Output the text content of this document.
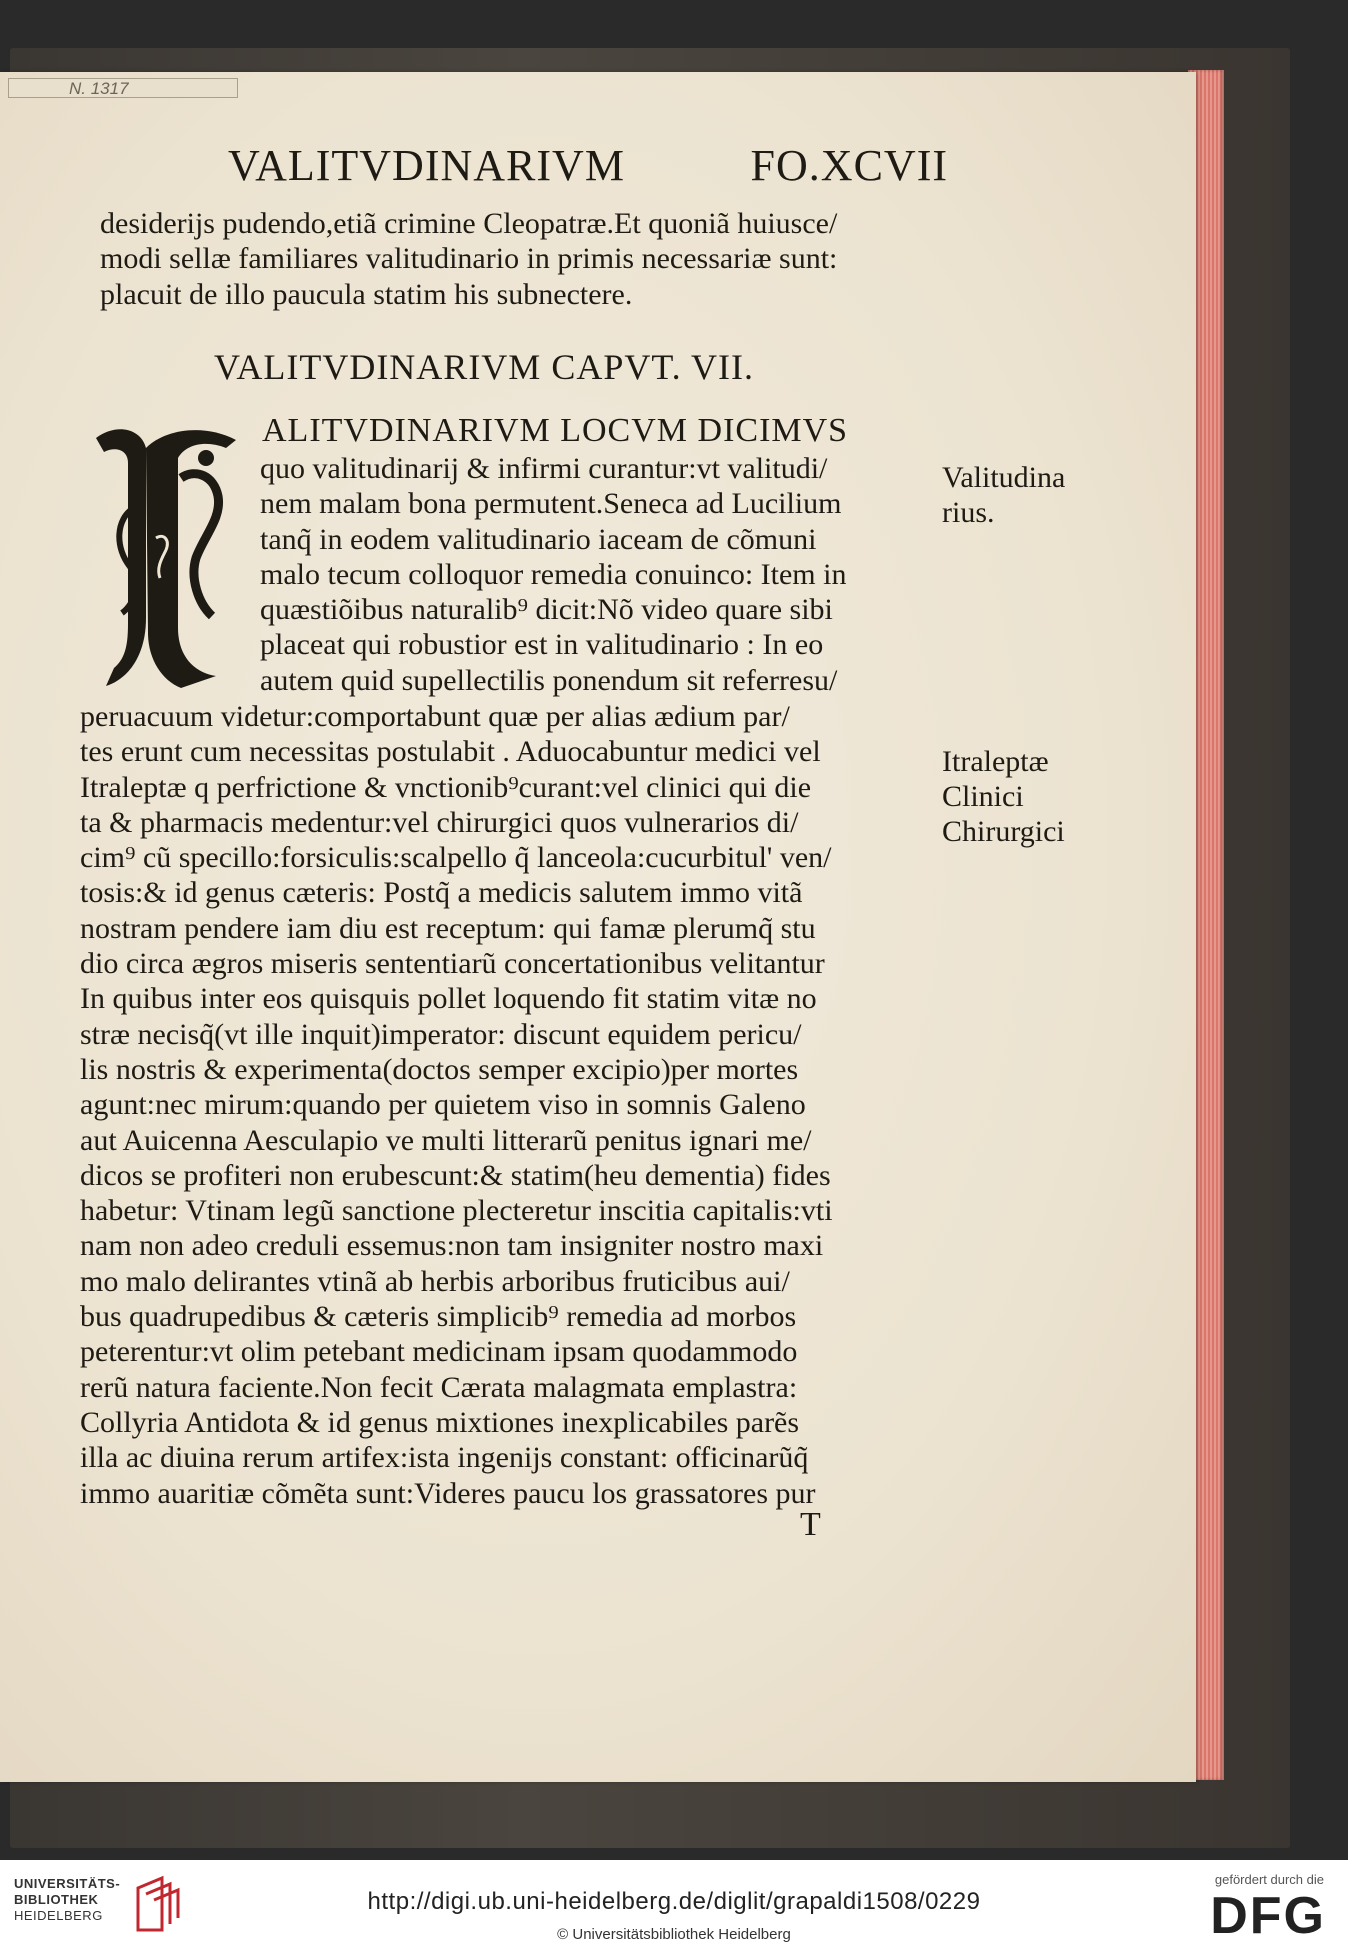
N. 1317
VALITVDINARIVM	FO.XCVII
desiderijs pudendo,etiã crimine Cleopatræ.Et quoniã huiusce/
modi sellæ familiares valitudinario in primis necessariæ sunt:
placuit de illo paucula statim his subnectere.
VALITVDINARIVM CAPVT. VII.
ALITVDINARIVM LOCVM DICIMVS
quo valitudinarij & infirmi curantur:vt valitudi/
nem malam bona permutent.Seneca ad Lucilium
tanq̃ in eodem valitudinario iaceam de cõmuni
malo tecum colloquor remedia conuinco: Item in
quæstiõibus naturalib⁹ dicit:Nõ video quare sibi
placeat qui robustior est in valitudinario : In eo
autem quid supellectilis ponendum sit referresu/
peruacuum videtur:comportabunt quæ per alias ædium par/
tes erunt cum necessitas postulabit . Aduocabuntur medici vel
Itraleptæ q perfrictione & vnctionib⁹curant:vel clinici qui die
ta & pharmacis medentur:vel chirurgici quos vulnerarios di/
cim⁹ cũ specillo:forsiculis:scalpello q̃ lanceola:cucurbitul' ven/
tosis:& id genus cæteris: Postq̃ a medicis salutem immo vitã
nostram pendere iam diu est receptum: qui famæ plerumq̃ stu
dio circa ægros miseris sententiarũ concertationibus velitantur
In quibus inter eos quisquis pollet loquendo fit statim vitæ no
stræ necisq̃(vt ille inquit)imperator: discunt equidem pericu/
lis nostris & experimenta(doctos semper excipio)per mortes
agunt:nec mirum:quando per quietem viso in somnis Galeno
aut Auicenna Aesculapio ve multi litterarũ penitus ignari me/
dicos se profiteri non erubescunt:& statim(heu dementia) fides
habetur: Vtinam legũ sanctione plecteretur inscitia capitalis:vti
nam non adeo creduli essemus:non tam insigniter nostro maxi
mo malo delirantes vtinã ab herbis arboribus fruticibus aui/
bus quadrupedibus & cæteris simplicib⁹ remedia ad morbos
peterentur:vt olim petebant medicinam ipsam quodammodo
rerũ natura faciente.Non fecit Cærata malagmata emplastra:
Collyria Antidota & id genus mixtiones inexplicabiles parẽs
illa ac diuina rerum artifex:ista ingenijs constant: officinarũq̃
immo auaritiæ cõmẽta sunt:Videres paucu los grassatores pur
Valitudina
rius.
Itraleptæ
Clinici
Chirurgici
T
UNIVERSITÄTS-
BIBLIOTHEK
HEIDELBERG
http://digi.ub.uni-heidelberg.de/diglit/grapaldi1508/0229
© Universitätsbibliothek Heidelberg
gefördert durch die
DFG
